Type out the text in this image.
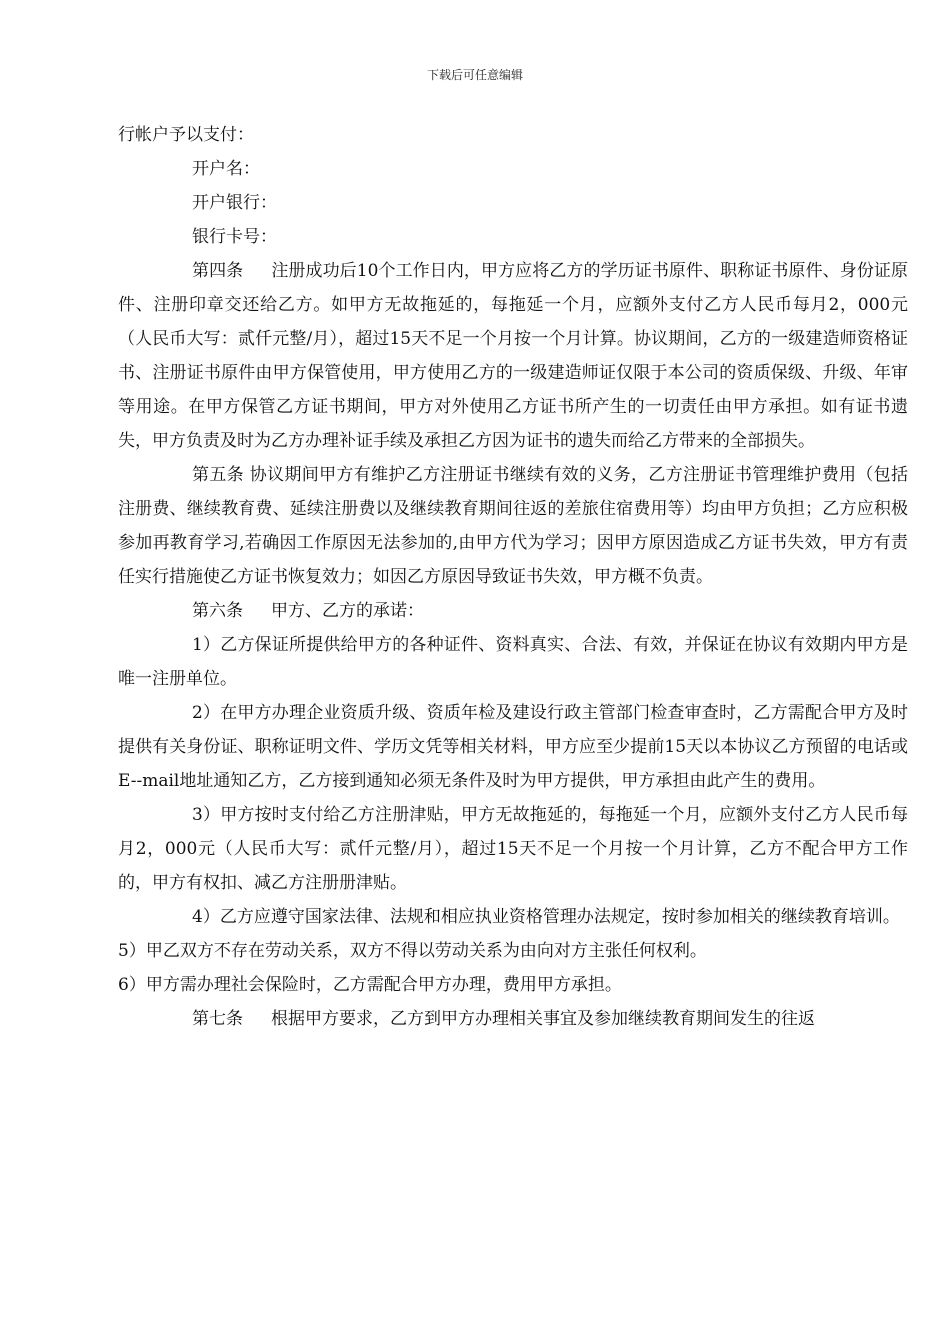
下载后可任意编辑

行帐户予以支付：

开户名：

开户银行：

银行卡号：

第四条 注册成功后10个工作日内，甲方应将乙方的学历证书原件、职称证书原件、身份证原件、注册印章交还给乙方。如甲方无故拖延的，每拖延一个月，应额外支付乙方人民币每月2，000元（人民币大写：贰仟元整/月），超过15天不足一个月按一个月计算。协议期间，乙方的一级建造师资格证书、注册证书原件由甲方保管使用，甲方使用乙方的一级建造师证仅限于本公司的资质保级、升级、年审等用途。在甲方保管乙方证书期间，甲方对外使用乙方证书所产生的一切责任由甲方承担。如有证书遗失，甲方负责及时为乙方办理补证手续及承担乙方因为证书的遗失而给乙方带来的全部损失。

第五条 协议期间甲方有维护乙方注册证书继续有效的义务，乙方注册证书管理维护费用（包括注册费、继续教育费、延续注册费以及继续教育期间往返的差旅住宿费用等）均由甲方负担；乙方应积极参加再教育学习,若确因工作原因无法参加的,由甲方代为学习；因甲方原因造成乙方证书失效，甲方有责任实行措施使乙方证书恢复效力；如因乙方原因导致证书失效，甲方概不负责。

第六条 甲方、乙方的承诺：

1）乙方保证所提供给甲方的各种证件、资料真实、合法、有效，并保证在协议有效期内甲方是唯一注册单位。

2）在甲方办理企业资质升级、资质年检及建设行政主管部门检查审查时，乙方需配合甲方及时提供有关身份证、职称证明文件、学历文凭等相关材料，甲方应至少提前15天以本协议乙方预留的电话或E--mail地址通知乙方，乙方接到通知必须无条件及时为甲方提供，甲方承担由此产生的费用。

3）甲方按时支付给乙方注册津贴，甲方无故拖延的，每拖延一个月，应额外支付乙方人民币每月2，000元（人民币大写：贰仟元整/月），超过15天不足一个月按一个月计算，乙方不配合甲方工作的，甲方有权扣、减乙方注册册津贴。

4）乙方应遵守国家法律、法规和相应执业资格管理办法规定，按时参加相关的继续教育培训。

5）甲乙双方不存在劳动关系，双方不得以劳动关系为由向对方主张任何权利。

6）甲方需办理社会保险时，乙方需配合甲方办理，费用甲方承担。

第七条 根据甲方要求，乙方到甲方办理相关事宜及参加继续教育期间发生的往返
